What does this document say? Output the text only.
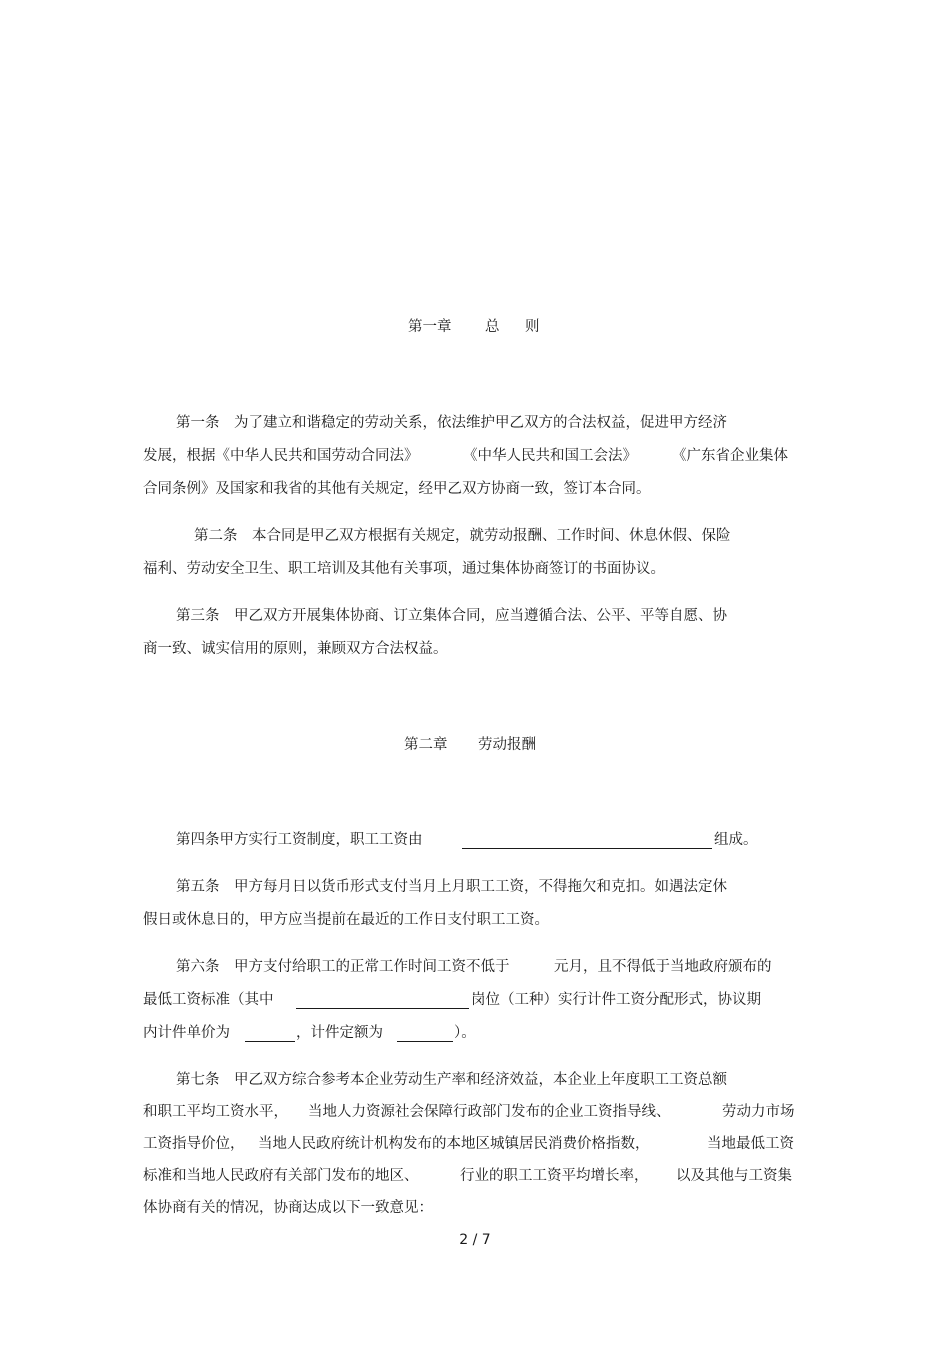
第一章 总 则
第一条　为了建立和谐稳定的劳动关系，依法维护甲乙双方的合法权益，促进甲方经济
发展，根据《中华人民共和国劳动合同法》	《中华人民共和国工会法》 《广东省企业集体
合同条例》及国家和我省的其他有关规定，经甲乙双方协商一致，签订本合同。
第二条　本合同是甲乙双方根据有关规定，就劳动报酬、工作时间、休息休假、保险
福利、劳动安全卫生、职工培训及其他有关事项，通过集体协商签订的书面协议。
第三条　甲乙双方开展集体协商、订立集体合同，应当遵循合法、公平、平等自愿、协
商一致、诚实信用的原则，兼顾双方合法权益。
第二章 劳动报酬
第四条甲方实行工资制度，职工工资由	组成。
第五条　甲方每月日以货币形式支付当月上月职工工资，不得拖欠和克扣。如遇法定休
假日或休息日的，甲方应当提前在最近的工作日支付职工工资。
第六条　甲方支付给职工的正常工作时间工资不低于	元月，且不得低于当地政府颁布的
最低工资标准（其中	岗位（工种）实行计件工资分配形式，协议期
内计件单价为	，计件定额为	）。
第七条　甲乙双方综合参考本企业劳动生产率和经济效益，本企业上年度职工工资总额
和职工平均工资水平， 当地人力资源社会保障行政部门发布的企业工资指导线、	劳动力市场
工资指导价位， 当地人民政府统计机构发布的本地区城镇居民消费价格指数，	当地最低工资
标准和当地人民政府有关部门发布的地区、	行业的职工工资平均增长率， 以及其他与工资集
体协商有关的情况，协商达成以下一致意见：
2 / 7
